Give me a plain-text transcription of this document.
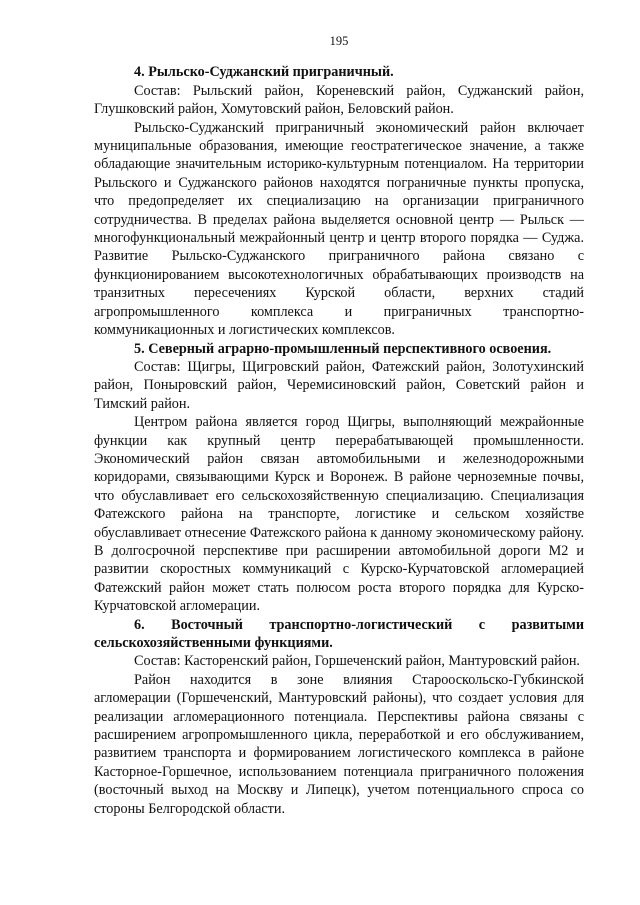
195
4. Рыльско-Суджанский приграничный.
Состав: Рыльский район, Кореневский район, Суджанский район, Глушковский район, Хомутовский район, Беловский район.
Рыльско-Суджанский приграничный экономический район включает муниципальные образования, имеющие геостратегическое значение, а также обладающие значительным историко-культурным потенциалом. На территории Рыльского и Суджанского районов находятся пограничные пункты пропуска, что предопределяет их специализацию на организации приграничного сотрудничества. В пределах района выделяется основной центр — Рыльск — многофункциональный межрайонный центр и центр второго порядка — Суджа. Развитие Рыльско-Суджанского приграничного района связано с функционированием высокотехнологичных обрабатывающих производств на транзитных пересечениях Курской области, верхних стадий агропромышленного комплекса и приграничных транспортно-коммуникационных и логистических комплексов.
5. Северный аграрно-промышленный перспективного освоения.
Состав: Щигры, Щигровский район, Фатежский район, Золотухинский район, Поныровский район, Черемисиновский район, Советский район и Тимский район.
Центром района является город Щигры, выполняющий межрайонные функции как крупный центр перерабатывающей промышленности. Экономический район связан автомобильными и железнодорожными коридорами, связывающими Курск и Воронеж. В районе черноземные почвы, что обуславливает его сельскохозяйственную специализацию. Специализация Фатежского района на транспорте, логистике и сельском хозяйстве обуславливает отнесение Фатежского района к данному экономическому району. В долгосрочной перспективе при расширении автомобильной дороги М2 и развитии скоростных коммуникаций с Курско-Курчатовской агломерацией Фатежский район может стать полюсом роста второго порядка для Курско-Курчатовской агломерации.
6. Восточный транспортно-логистический с развитыми
сельскохозяйственными функциями.
Состав: Касторенский район, Горшеченский район, Мантуровский район.
Район находится в зоне влияния Старооскольско-Губкинской агломерации (Горшеченский, Мантуровский районы), что создает условия для реализации агломерационного потенциала. Перспективы района связаны с расширением агропромышленного цикла, переработкой и его обслуживанием, развитием транспорта и формированием логистического комплекса в районе Касторное-Горшечное, использованием потенциала приграничного положения (восточный выход на Москву и Липецк), учетом потенциального спроса со стороны Белгородской области.
